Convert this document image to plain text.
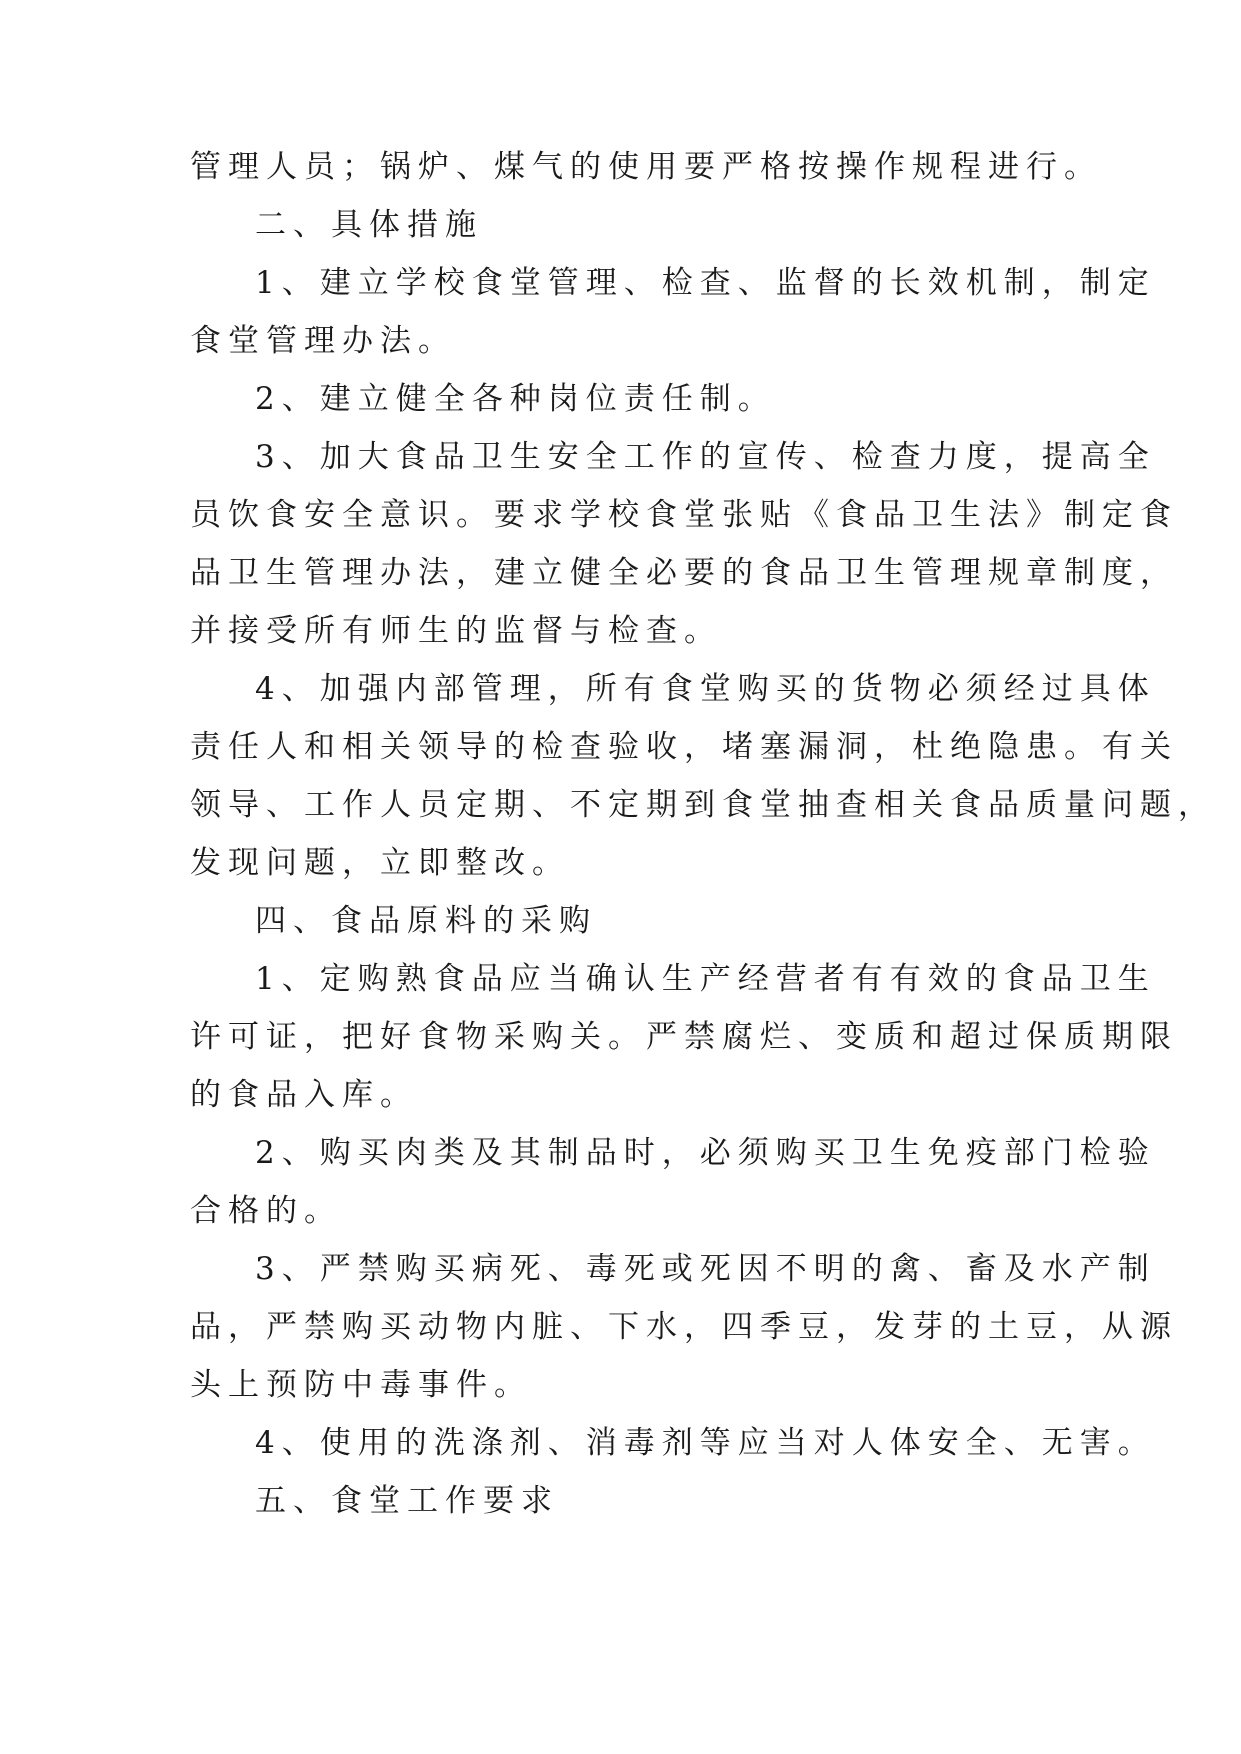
管理人员；锅炉、煤气的使用要严格按操作规程进行。
二、具体措施
1、建立学校食堂管理、检查、监督的长效机制，制定
食堂管理办法。
2、建立健全各种岗位责任制。
3、加大食品卫生安全工作的宣传、检查力度，提高全
员饮食安全意识。要求学校食堂张贴《食品卫生法》制定食
品卫生管理办法，建立健全必要的食品卫生管理规章制度，
并接受所有师生的监督与检查。
4、加强内部管理，所有食堂购买的货物必须经过具体
责任人和相关领导的检查验收，堵塞漏洞，杜绝隐患。有关
领导、工作人员定期、不定期到食堂抽查相关食品质量问题，
发现问题，立即整改。
四、食品原料的采购
1、定购熟食品应当确认生产经营者有有效的食品卫生
许可证，把好食物采购关。严禁腐烂、变质和超过保质期限
的食品入库。
2、购买肉类及其制品时，必须购买卫生免疫部门检验
合格的。
3、严禁购买病死、毒死或死因不明的禽、畜及水产制
品，严禁购买动物内脏、下水，四季豆，发芽的土豆，从源
头上预防中毒事件。
4、使用的洗涤剂、消毒剂等应当对人体安全、无害。
五、食堂工作要求
